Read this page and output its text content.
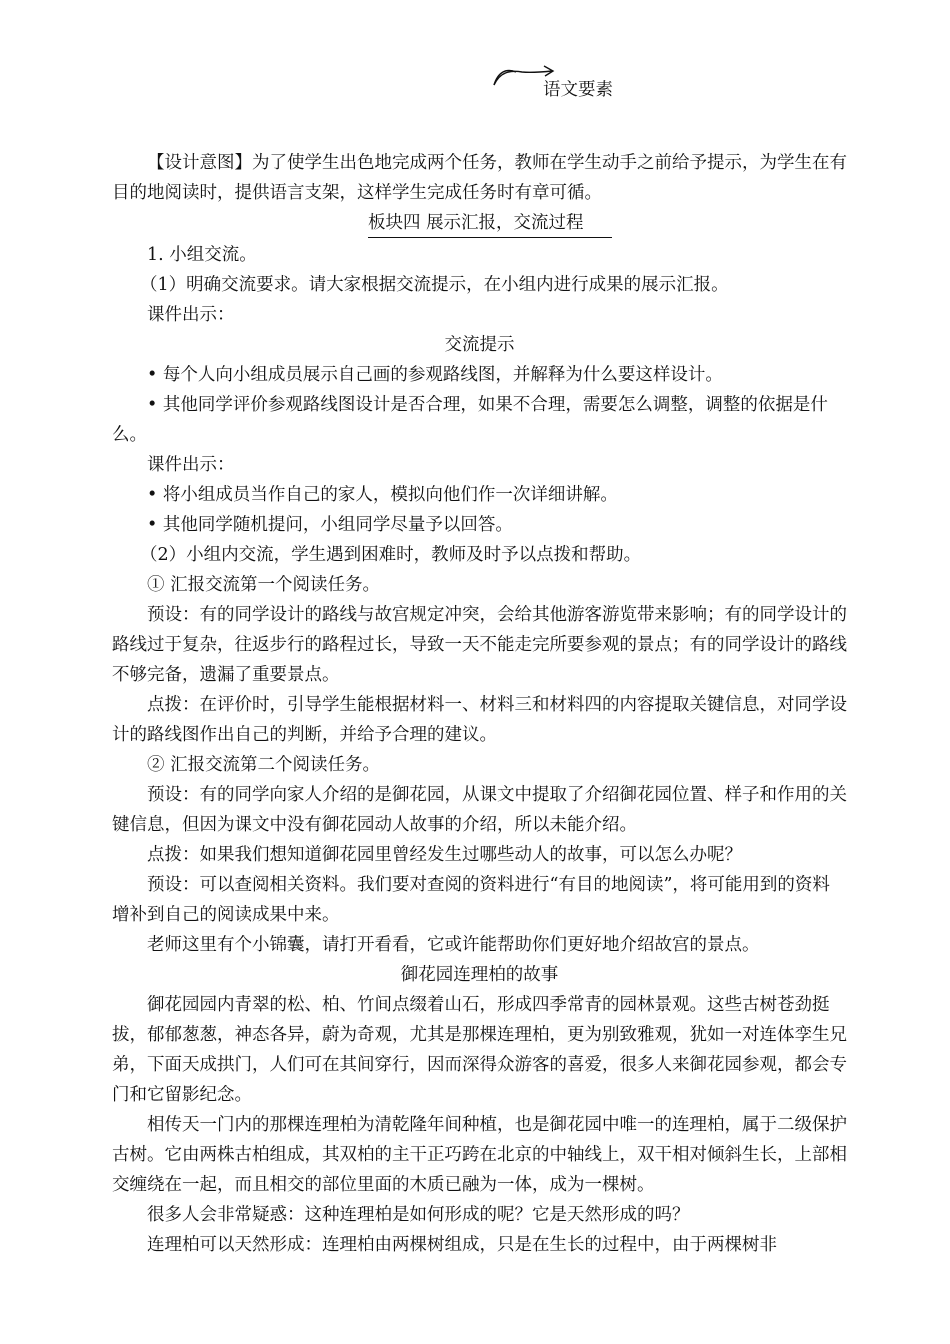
【设计意图】为了使学生出色地完成两个任务，教师在学生动手之前给予提示，为学生在有目的地阅读时，提供语言支架，这样学生完成任务时有章可循。

板块四 展示汇报，交流过程

1. 小组交流。

（1）明确交流要求。请大家根据交流提示，在小组内进行成果的展示汇报。

课件出示：

交流提示

• 每个人向小组成员展示自己画的参观路线图，并解释为什么要这样设计。

• 其他同学评价参观路线图设计是否合理，如果不合理，需要怎么调整，调整的依据是什么。

课件出示：

• 将小组成员当作自己的家人，模拟向他们作一次详细讲解。

• 其他同学随机提问，小组同学尽量予以回答。

（2）小组内交流，学生遇到困难时，教师及时予以点拨和帮助。

① 汇报交流第一个阅读任务。

预设：有的同学设计的路线与故宫规定冲突，会给其他游客游览带来影响；有的同学设计的路线过于复杂，往返步行的路程过长，导致一天不能走完所要参观的景点；有的同学设计的路线不够完备，遗漏了重要景点。

点拨：在评价时，引导学生能根据材料一、材料三和材料四的内容提取关键信息，对同学设计的路线图作出自己的判断，并给予合理的建议。

② 汇报交流第二个阅读任务。

预设：有的同学向家人介绍的是御花园，从课文中提取了介绍御花园位置、样子和作用的关键信息，但因为课文中没有御花园动人故事的介绍，所以未能介绍。

点拨：如果我们想知道御花园里曾经发生过哪些动人的故事，可以怎么办呢？

预设：可以查阅相关资料。我们要对查阅的资料进行“有目的地阅读”，将可能用到的资料增补到自己的阅读成果中来。

老师这里有个小锦囊，请打开看看，它或许能帮助你们更好地介绍故宫的景点。

御花园连理柏的故事

御花园园内青翠的松、柏、竹间点缀着山石，形成四季常青的园林景观。这些古树苍劲挺拔，郁郁葱葱，神态各异，蔚为奇观，尤其是那棵连理柏，更为别致雅观，犹如一对连体孪生兄弟，下面天成拱门，人们可在其间穿行，因而深得众游客的喜爱，很多人来御花园参观，都会专门和它留影纪念。

相传天一门内的那棵连理柏为清乾隆年间种植，也是御花园中唯一的连理柏，属于二级保护古树。它由两株古柏组成，其双柏的主干正巧跨在北京的中轴线上，双干相对倾斜生长，上部相交缠绕在一起，而且相交的部位里面的木质已融为一体，成为一棵树。

很多人会非常疑惑：这种连理柏是如何形成的呢？它是天然形成的吗？

连理柏可以天然形成：连理柏由两棵树组成，只是在生长的过程中，由于两棵树非

语文要素
